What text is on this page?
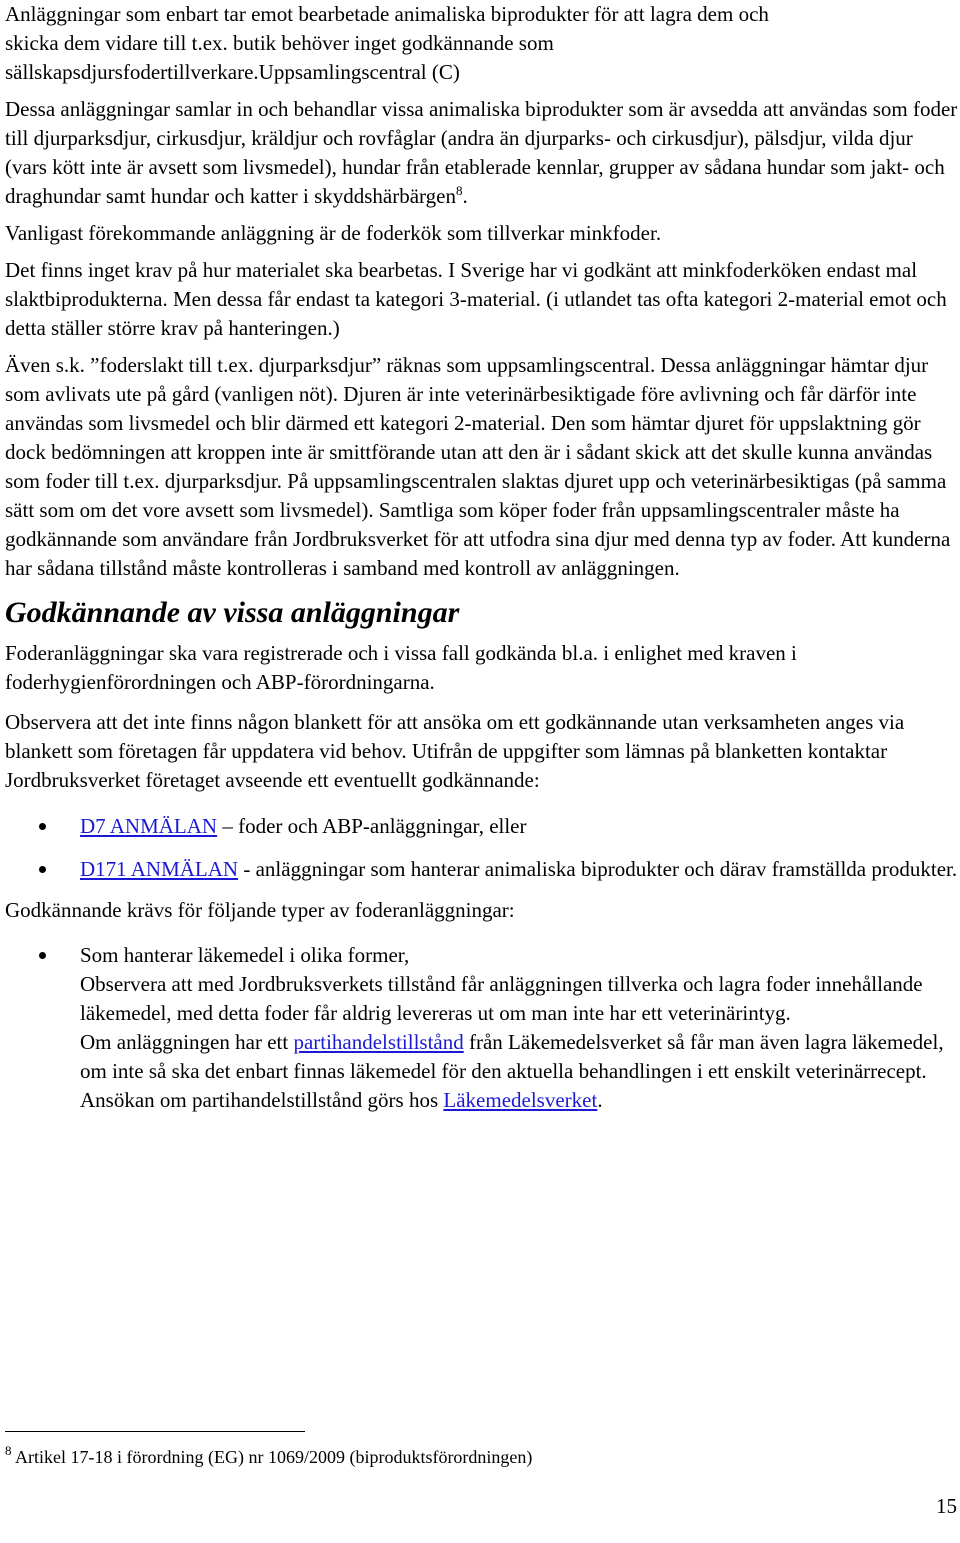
Anläggningar som enbart tar emot bearbetade animaliska biprodukter för att lagra dem och
skicka dem vidare till t.ex. butik behöver inget godkännande som
sällskapsdjursfodertillverkare.Uppsamlingscentral (C)

Dessa anläggningar samlar in och behandlar vissa animaliska biprodukter som är avsedda att användas som foder till djurparksdjur, cirkusdjur, kräldjur och rovfåglar (andra än djurparks- och cirkusdjur), pälsdjur, vilda djur (vars kött inte är avsett som livsmedel), hundar från etablerade kennlar, grupper av sådana hundar som jakt- och draghundar samt hundar och katter i skyddshärbärgen$^8$.

Vanligast förekommande anläggning är de foderkök som tillverkar minkfoder.

Det finns inget krav på hur materialet ska bearbetas. I Sverige har vi godkänt att minkfoderköken endast mal slaktbiprodukterna. Men dessa får endast ta kategori 3-material. (i utlandet tas ofta kategori 2-material emot och detta ställer större krav på hanteringen.)

Även s.k. ”foderslakt till t.ex. djurparksdjur” räknas som uppsamlingscentral. Dessa anläggningar hämtar djur som avlivats ute på gård (vanligen nöt). Djuren är inte veterinärbesiktigade före avlivning och får därför inte användas som livsmedel och blir därmed ett kategori 2-material. Den som hämtar djuret för uppslaktning gör dock bedömningen att kroppen inte är smittförande utan att den är i sådant skick att det skulle kunna användas som foder till t.ex. djurparksdjur. På uppsamlingscentralen slaktas djuret upp och veterinärbesiktigas (på samma sätt som om det vore avsett som livsmedel). Samtliga som köper foder från uppsamlingscentraler måste ha godkännande som användare från Jordbruksverket för att utfodra sina djur med denna typ av foder. Att kunderna har sådana tillstånd måste kontrolleras i samband med kontroll av anläggningen.

Godkännande av vissa anläggningar

Foderanläggningar ska vara registrerade och i vissa fall godkända bl.a. i enlighet med kraven i foderhygienförordningen och ABP-förordningarna.

Observera att det inte finns någon blankett för att ansöka om ett godkännande utan verksamheten anges via blankett som företagen får uppdatera vid behov. Utifrån de uppgifter som lämnas på blanketten kontaktar Jordbruksverket företaget avseende ett eventuellt godkännande:

D7 ANMÄLAN – foder och ABP-anläggningar, eller
D171 ANMÄLAN - anläggningar som hanterar animaliska biprodukter och därav framställda produkter.

Godkännande krävs för följande typer av foderanläggningar:

Som hanterar läkemedel i olika former,
Observera att med Jordbruksverkets tillstånd får anläggningen tillverka och lagra foder innehållande läkemedel, med detta foder får aldrig levereras ut om man inte har ett veterinärintyg.
Om anläggningen har ett partihandelstillstånd från Läkemedelsverket så får man även lagra läkemedel, om inte så ska det enbart finnas läkemedel för den aktuella behandlingen i ett enskilt veterinärrecept. Ansökan om partihandelstillstånd görs hos Läkemedelsverket.
$^8$ Artikel 17-18 i förordning (EG) nr 1069/2009 (biproduktsförordningen)
15
